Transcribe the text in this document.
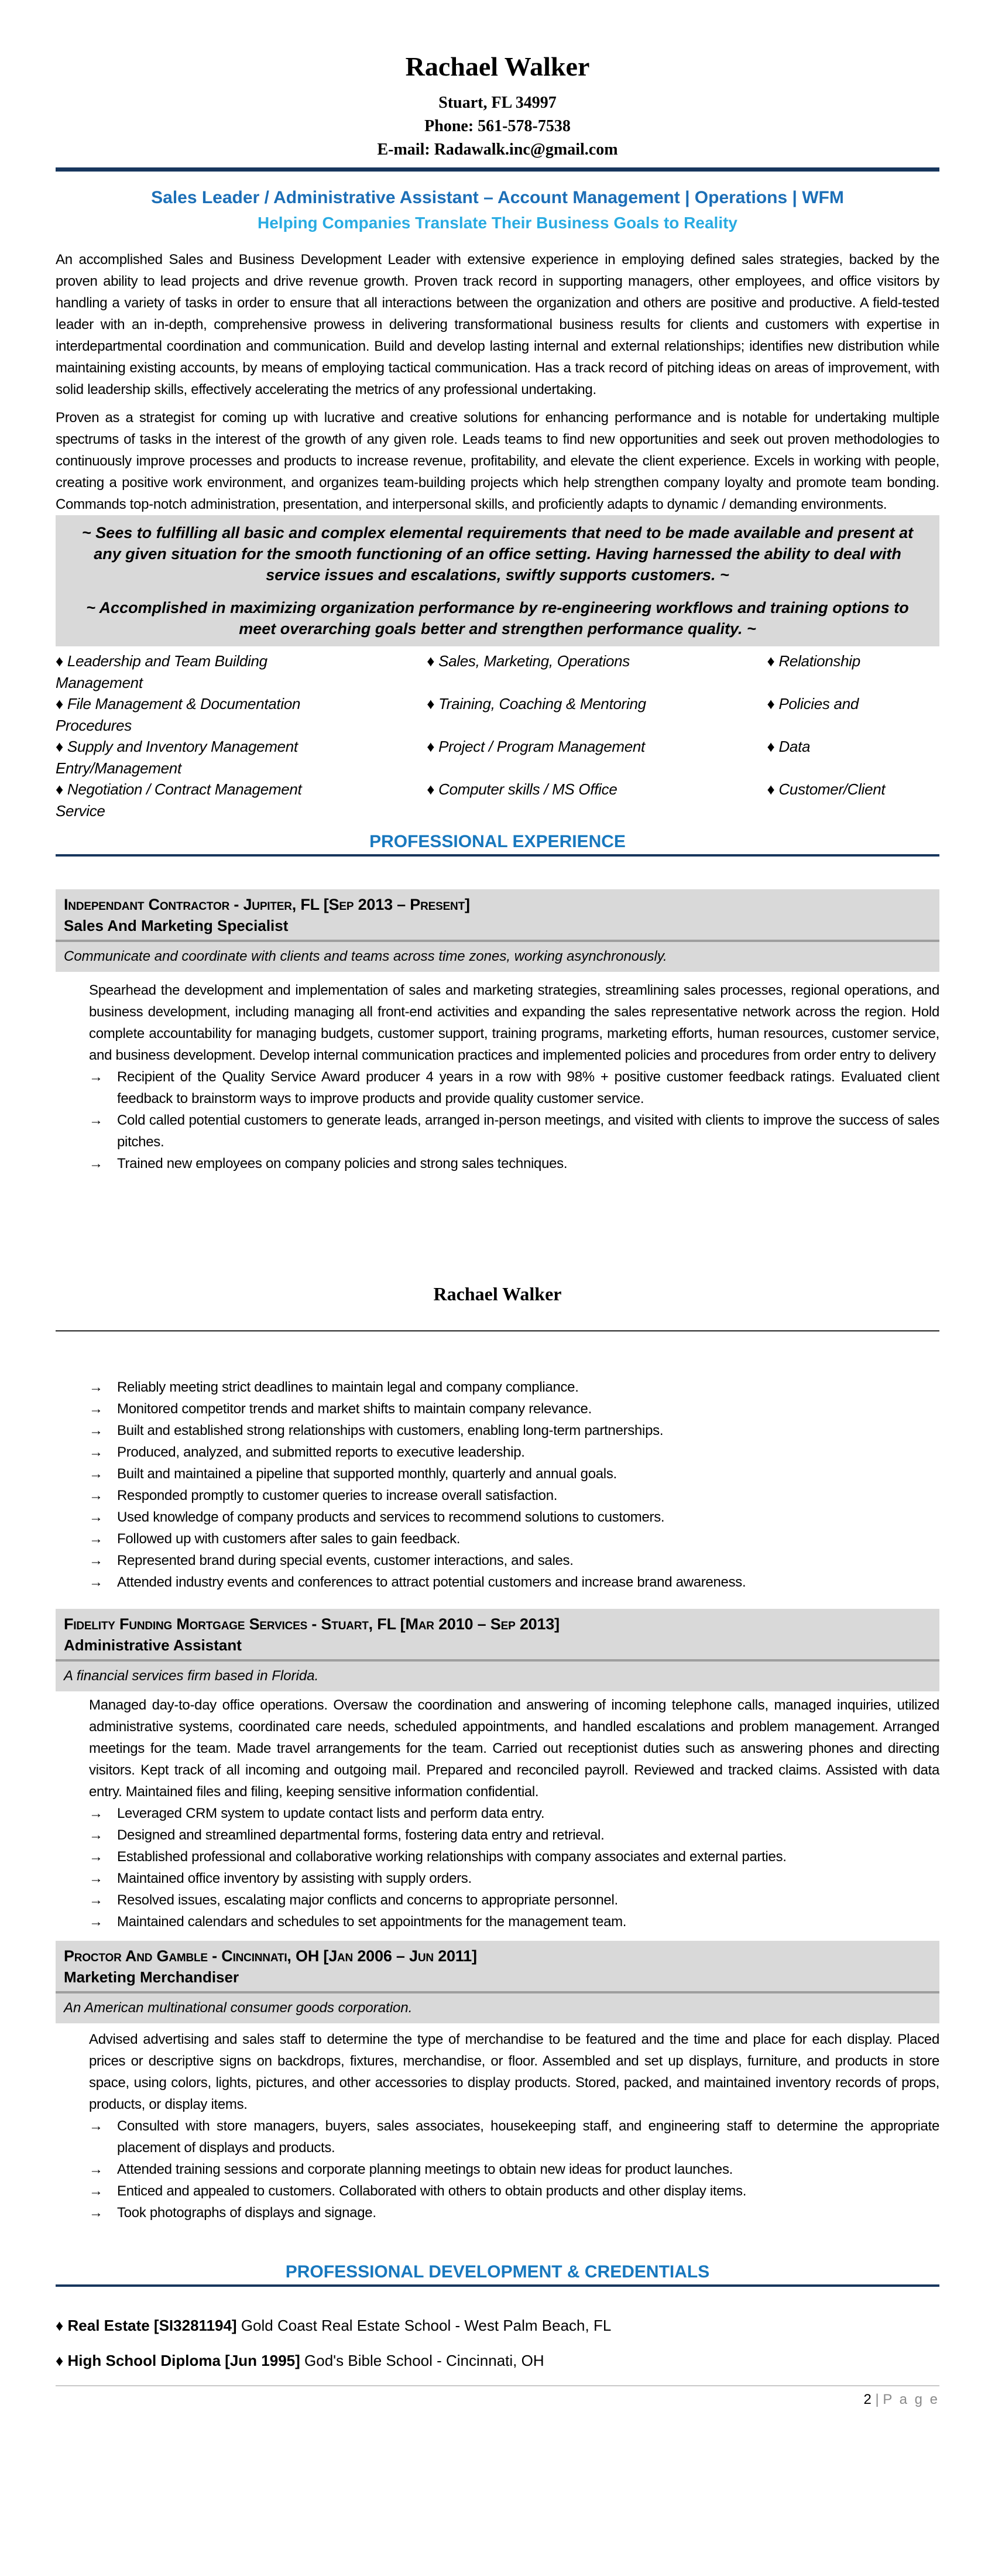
Rachael Walker
Stuart, FL 34997
Phone: 561-578-7538
E-mail: Radawalk.inc@gmail.com
Sales Leader / Administrative Assistant – Account Management | Operations | WFM
Helping Companies Translate Their Business Goals to Reality

An accomplished Sales and Business Development Leader with extensive experience in employing defined sales strategies, backed by the proven ability to lead projects and drive revenue growth. Proven track record in supporting managers, other employees, and office visitors by handling a variety of tasks in order to ensure that all interactions between the organization and others are positive and productive. A field-tested leader with an in-depth, comprehensive prowess in delivering transformational business results for clients and customers with expertise in interdepartmental coordination and communication. Build and develop lasting internal and external relationships; identifies new distribution while maintaining existing accounts, by means of employing tactical communication. Has a track record of pitching ideas on areas of improvement, with solid leadership skills, effectively accelerating the metrics of any professional undertaking.

Proven as a strategist for coming up with lucrative and creative solutions for enhancing performance and is notable for undertaking multiple spectrums of tasks in the interest of the growth of any given role. Leads teams to find new opportunities and seek out proven methodologies to continuously improve processes and products to increase revenue, profitability, and elevate the client experience. Excels in working with people, creating a positive work environment, and organizes team-building projects which help strengthen company loyalty and promote team bonding. Commands top-notch administration, presentation, and interpersonal skills, and proficiently adapts to dynamic / demanding environments.

~ Sees to fulfilling all basic and complex elemental requirements that need to be made available and present at any given situation for the smooth functioning of an office setting. Having harnessed the ability to deal with service issues and escalations, swiftly supports customers. ~

~ Accomplished in maximizing organization performance by re-engineering workflows and training options to meet overarching goals better and strengthen performance quality. ~

♦ Leadership and Team Building	♦ Sales, Marketing, Operations	♦ Relationship
Management
♦ File Management & Documentation	♦ Training, Coaching & Mentoring	♦ Policies and
Procedures
♦ Supply and Inventory Management	♦ Project / Program Management	♦ Data
Entry/Management
♦ Negotiation / Contract Management	♦ Computer skills / MS Office	♦ Customer/Client
Service
PROFESSIONAL EXPERIENCE
Independant Contractor - Jupiter, FL [Sep 2013 – Present]
Sales And Marketing Specialist
Communicate and coordinate with clients and teams across time zones, working asynchronously.

Spearhead the development and implementation of sales and marketing strategies, streamlining sales processes, regional operations, and business development, including managing all front-end activities and expanding the sales representative network across the region. Hold complete accountability for managing budgets, customer support, training programs, marketing efforts, human resources, customer service, and business development. Develop internal communication practices and implemented policies and procedures from order entry to delivery

→ Recipient of the Quality Service Award producer 4 years in a row with 98% + positive customer feedback ratings. Evaluated client feedback to brainstorm ways to improve products and provide quality customer service.
→ Cold called potential customers to generate leads, arranged in-person meetings, and visited with clients to improve the success of sales pitches.
→ Trained new employees on company policies and strong sales techniques.
Rachael Walker
→ Reliably meeting strict deadlines to maintain legal and company compliance.
→ Monitored competitor trends and market shifts to maintain company relevance.
→ Built and established strong relationships with customers, enabling long-term partnerships.
→ Produced, analyzed, and submitted reports to executive leadership.
→ Built and maintained a pipeline that supported monthly, quarterly and annual goals.
→ Responded promptly to customer queries to increase overall satisfaction.
→ Used knowledge of company products and services to recommend solutions to customers.
→ Followed up with customers after sales to gain feedback.
→ Represented brand during special events, customer interactions, and sales.
→ Attended industry events and conferences to attract potential customers and increase brand awareness.
Fidelity Funding Mortgage Services - Stuart, FL [Mar 2010 – Sep 2013]
Administrative Assistant
A financial services firm based in Florida.

Managed day-to-day office operations. Oversaw the coordination and answering of incoming telephone calls, managed inquiries, utilized administrative systems, coordinated care needs, scheduled appointments, and handled escalations and problem management. Arranged meetings for the team. Made travel arrangements for the team. Carried out receptionist duties such as answering phones and directing visitors. Kept track of all incoming and outgoing mail. Prepared and reconciled payroll. Reviewed and tracked claims. Assisted with data entry. Maintained files and filing, keeping sensitive information confidential.

→ Leveraged CRM system to update contact lists and perform data entry.
→ Designed and streamlined departmental forms, fostering data entry and retrieval.
→ Established professional and collaborative working relationships with company associates and external parties.
→ Maintained office inventory by assisting with supply orders.
→ Resolved issues, escalating major conflicts and concerns to appropriate personnel.
→ Maintained calendars and schedules to set appointments for the management team.
Proctor And Gamble - Cincinnati, OH [Jan 2006 – Jun 2011]
Marketing Merchandiser
An American multinational consumer goods corporation.

Advised advertising and sales staff to determine the type of merchandise to be featured and the time and place for each display. Placed prices or descriptive signs on backdrops, fixtures, merchandise, or floor. Assembled and set up displays, furniture, and products in store space, using colors, lights, pictures, and other accessories to display products. Stored, packed, and maintained inventory records of props, products, or display items.

→ Consulted with store managers, buyers, sales associates, housekeeping staff, and engineering staff to determine the appropriate placement of displays and products.
→ Attended training sessions and corporate planning meetings to obtain new ideas for product launches.
→ Enticed and appealed to customers. Collaborated with others to obtain products and other display items.
→ Took photographs of displays and signage.
PROFESSIONAL DEVELOPMENT & CREDENTIALS
♦ Real Estate [SI3281194] Gold Coast Real Estate School - West Palm Beach, FL
♦ High School Diploma [Jun 1995] God's Bible School - Cincinnati, OH
2 | P a g e
